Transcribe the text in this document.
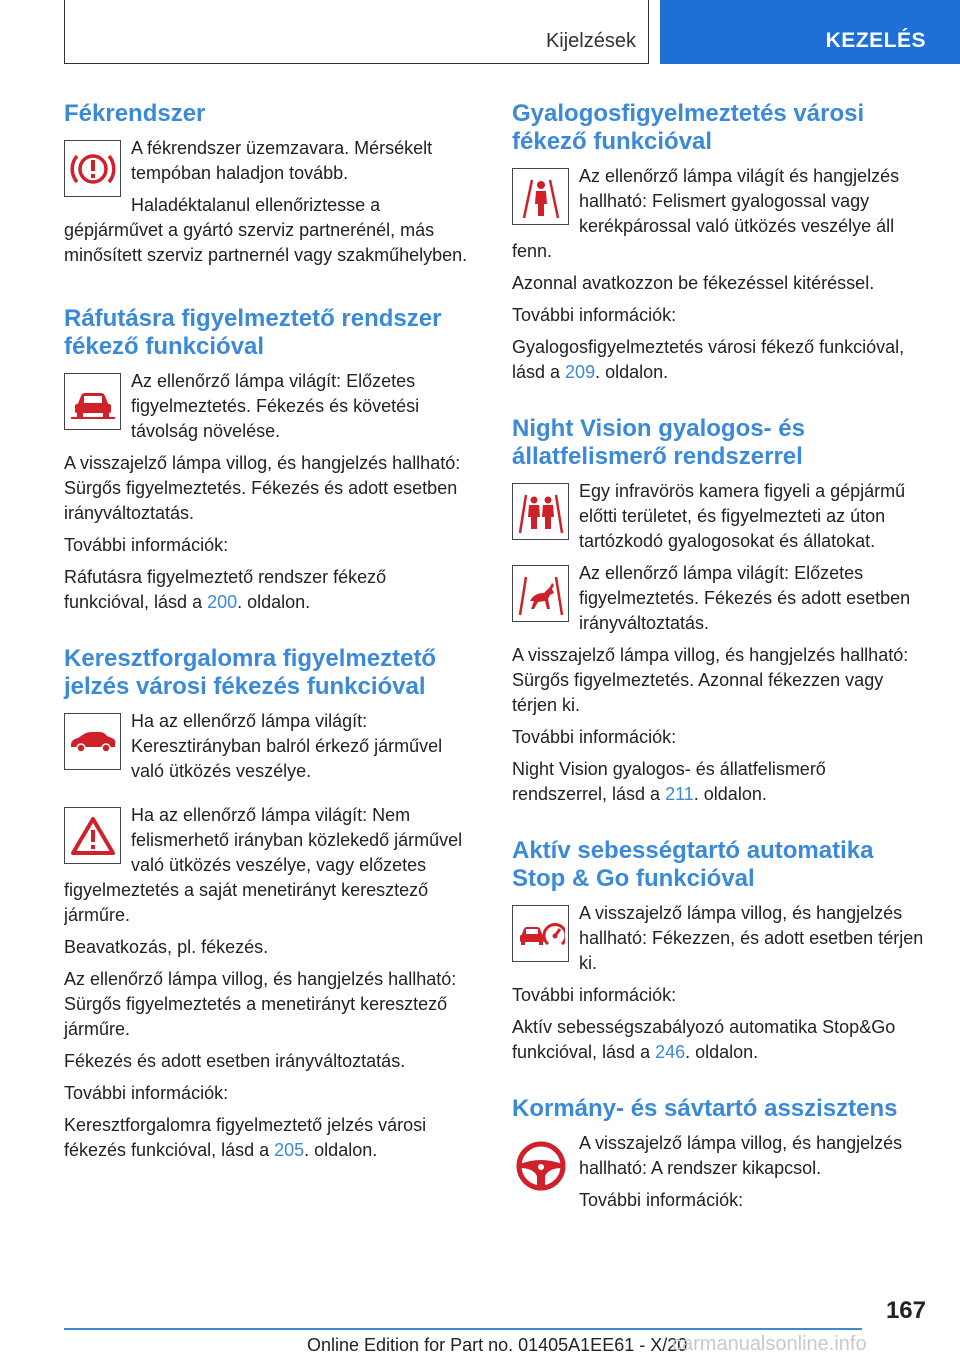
Kijelzések	KEZELÉS
Fékrendszer

A fékrendszer üzemzavara. Mérsékelt tempóban haladjon tovább.

Haladéktalanul ellenőriztesse a gépjárművet a gyártó szerviz partnerénél, más minősített szerviz partnernél vagy szakműhelyben.

Ráfutásra figyelmeztető rendszer fékező funkcióval

Az ellenőrző lámpa világít: Előzetes figyelmeztetés. Fékezés és követési távolság növelése.

A visszajelző lámpa villog, és hangjelzés hallható: Sürgős figyelmeztetés. Fékezés és adott esetben irányváltoztatás.

További információk:

Ráfutásra figyelmeztető rendszer fékező funkcióval, lásd a 200. oldalon.

Keresztforgalomra figyelmeztető jelzés városi fékezés funkcióval

Ha az ellenőrző lámpa világít: Keresztirányban balról érkező járművel való ütközés veszélye.

Ha az ellenőrző lámpa világít: Nem felismerhető irányban közlekedő járművel való ütközés veszélye, vagy előzetes figyelmeztetés a saját menetirányt keresztező járműre.

Beavatkozás, pl. fékezés.

Az ellenőrző lámpa villog, és hangjelzés hallható: Sürgős figyelmeztetés a menetirányt keresztező járműre.

Fékezés és adott esetben irányváltoztatás.

További információk:

Keresztforgalomra figyelmeztető jelzés városi fékezés funkcióval, lásd a 205. oldalon.

Gyalogosfigyelmeztetés városi fékező funkcióval

Az ellenőrző lámpa világít és hangjelzés hallható: Felismert gyalogossal vagy kerékpárossal való ütközés veszélye áll fenn.

Azonnal avatkozzon be fékezéssel kitéréssel.

További információk:

Gyalogosfigyelmeztetés városi fékező funkcióval, lásd a 209. oldalon.

Night Vision gyalogos- és állatfelismerő rendszerrel

Egy infravörös kamera figyeli a gépjármű előtti területet, és figyelmezteti az úton tartózkodó gyalogosokat és állatokat.

Az ellenőrző lámpa világít: Előzetes figyelmeztetés. Fékezés és adott esetben irányváltoztatás.

A visszajelző lámpa villog, és hangjelzés hallható: Sürgős figyelmeztetés. Azonnal fékezzen vagy térjen ki.

További információk:

Night Vision gyalogos- és állatfelismerő rendszerrel, lásd a 211. oldalon.

Aktív sebességtartó automatika Stop & Go funkcióval

A visszajelző lámpa villog, és hangjelzés hallható: Fékezzen, és adott esetben térjen ki.

További információk:

Aktív sebességszabályozó automatika Stop&Go funkcióval, lásd a 246. oldalon.

Kormány- és sávtartó asszisztens

A visszajelző lámpa villog, és hangjelzés hallható: A rendszer kikapcsol.

További információk:

167
Online Edition for Part no. 01405A1EE61 - X/20
carmanualsonline.info
